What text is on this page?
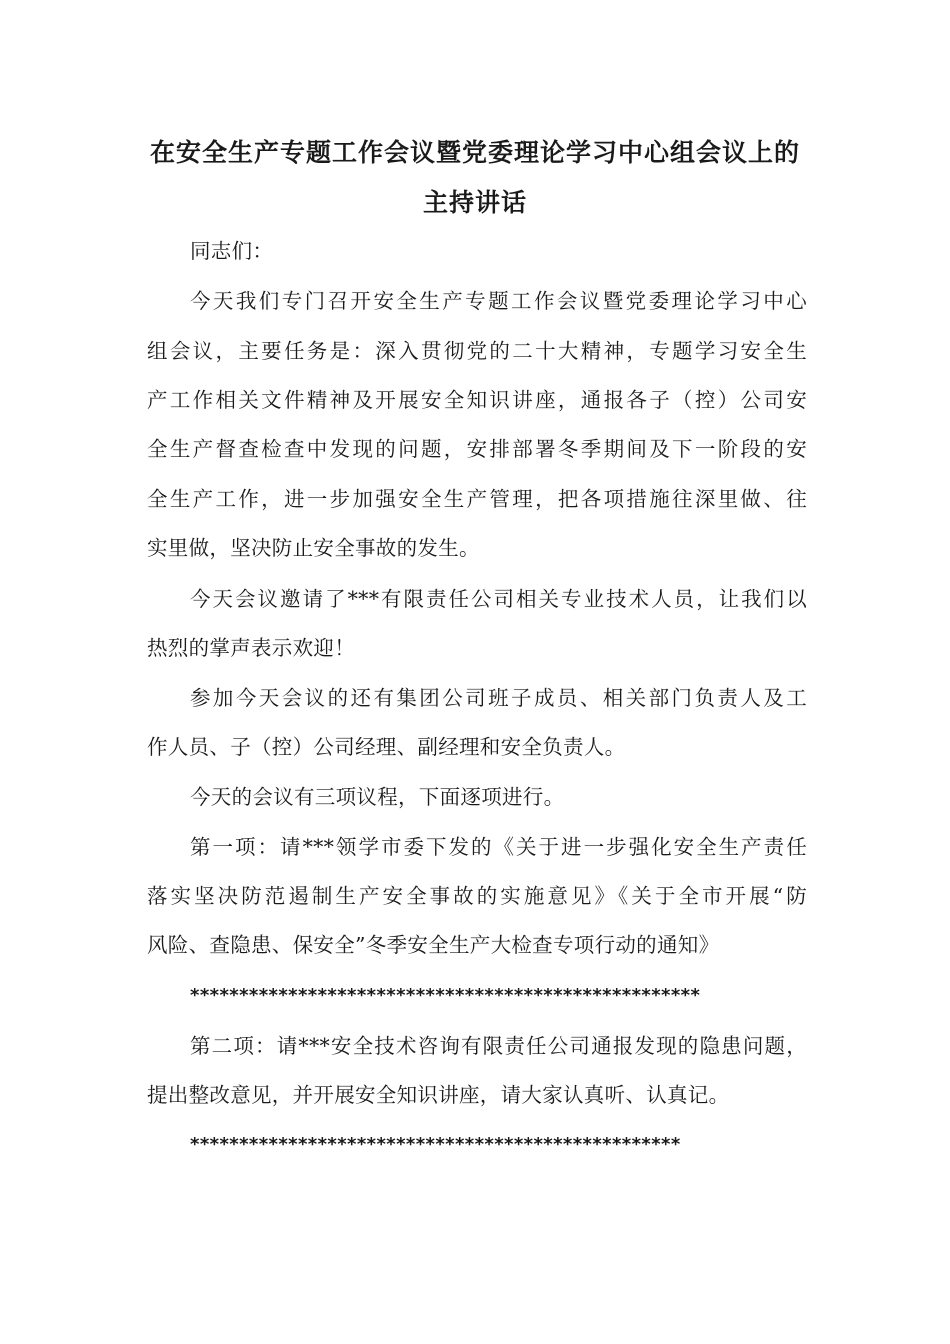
在安全生产专题工作会议暨党委理论学习中心组会议上的
主持讲话
同志们：
今天我们专门召开安全生产专题工作会议暨党委理论学习中心
组会议，主要任务是：深入贯彻党的二十大精神，专题学习安全生
产工作相关文件精神及开展安全知识讲座，通报各子（控）公司安
全生产督查检查中发现的问题，安排部署冬季期间及下一阶段的安
全生产工作，进一步加强安全生产管理，把各项措施往深里做、往
实里做，坚决防止安全事故的发生。
今天会议邀请了***有限责任公司相关专业技术人员，让我们以
热烈的掌声表示欢迎！
参加今天会议的还有集团公司班子成员、相关部门负责人及工
作人员、子（控）公司经理、副经理和安全负责人。
今天的会议有三项议程，下面逐项进行。
第一项：请***领学市委下发的《关于进一步强化安全生产责任
落实坚决防范遏制生产安全事故的实施意见》《关于全市开展“防
风险、查隐患、保安全”冬季安全生产大检查专项行动的通知》
****************************************************
第二项：请***安全技术咨询有限责任公司通报发现的隐患问题，
提出整改意见，并开展安全知识讲座，请大家认真听、认真记。
**************************************************
